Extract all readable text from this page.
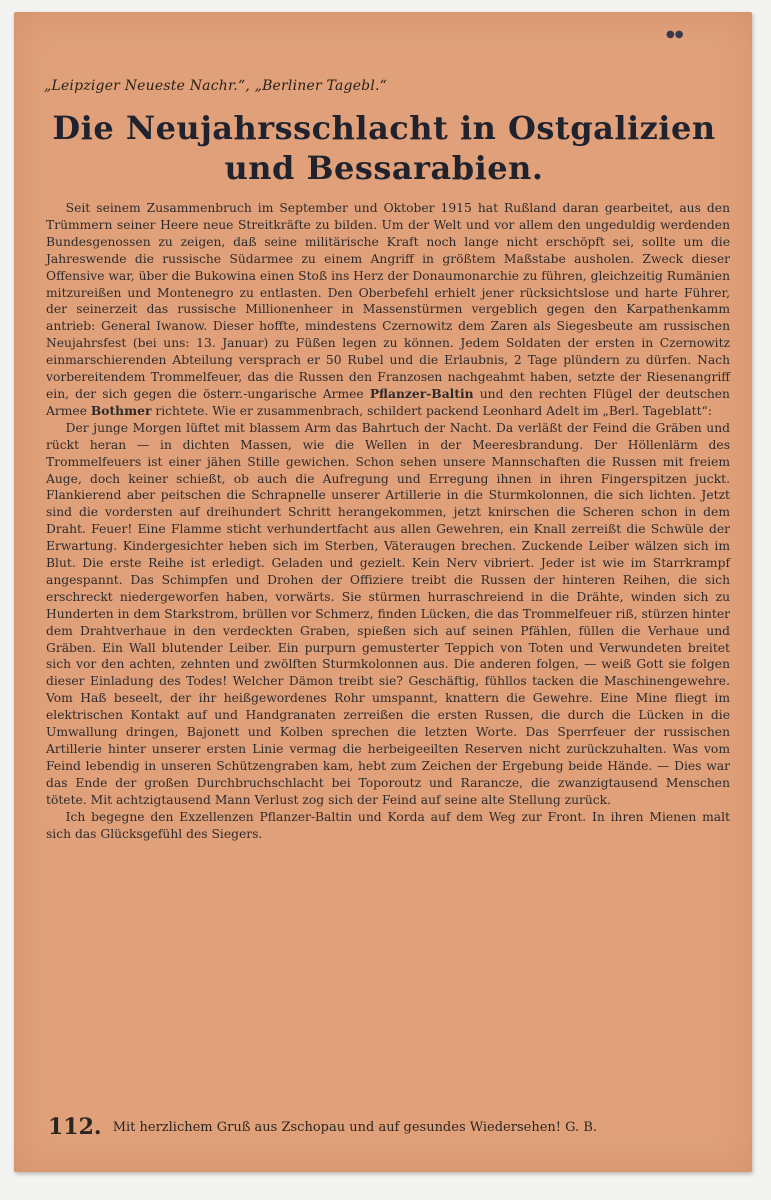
●●
„Leipziger Neueste Nachr.“, „Berliner Tagebl.“
Die Neujahrsschlacht in Ostgalizien
und Bessarabien.

Seit seinem Zusammenbruch im September und Oktober 1915 hat Rußland daran gearbeitet, aus den Trümmern seiner Heere neue Streitkräfte zu bilden. Um der Welt und vor allem den ungeduldig werdenden Bundesgenossen zu zeigen, daß seine militärische Kraft noch lange nicht erschöpft sei, sollte um die Jahreswende die russische Südarmee zu einem Angriff in größtem Maßstabe ausholen. Zweck dieser Offensive war, über die Bukowina einen Stoß ins Herz der Donaumonarchie zu führen, gleichzeitig Rumänien mitzureißen und Montenegro zu entlasten. Den Oberbefehl erhielt jener rücksichtslose und harte Führer, der seinerzeit das russische Millionenheer in Massenstürmen vergeblich gegen den Karpathenkamm antrieb: General Iwanow. Dieser hoffte, mindestens Czernowitz dem Zaren als Siegesbeute am russischen Neujahrsfest (bei uns: 13. Januar) zu Füßen legen zu können. Jedem Soldaten der ersten in Czernowitz einmarschierenden Abteilung versprach er 50 Rubel und die Erlaubnis, 2 Tage plündern zu dürfen. Nach vorbereitendem Trommelfeuer, das die Russen den Franzosen nachgeahmt haben, setzte der Riesenangriff ein, der sich gegen die österr.-ungarische Armee Pflanzer-Baltin und den rechten Flügel der deutschen Armee Bothmer richtete. Wie er zusammenbrach, schildert packend Leonhard Adelt im „Berl. Tageblatt“:

Der junge Morgen lüftet mit blassem Arm das Bahrtuch der Nacht. Da verläßt der Feind die Gräben und rückt heran — in dichten Massen, wie die Wellen in der Meeresbrandung. Der Höllenlärm des Trommelfeuers ist einer jähen Stille gewichen. Schon sehen unsere Mannschaften die Russen mit freiem Auge, doch keiner schießt, ob auch die Aufregung und Erregung ihnen in ihren Fingerspitzen juckt. Flankierend aber peitschen die Schrapnelle unserer Artillerie in die Sturmkolonnen, die sich lichten. Jetzt sind die vordersten auf dreihundert Schritt herangekommen, jetzt knirschen die Scheren schon in dem Draht. Feuer! Eine Flamme sticht verhundertfacht aus allen Gewehren, ein Knall zerreißt die Schwüle der Erwartung. Kindergesichter heben sich im Sterben, Väteraugen brechen. Zuckende Leiber wälzen sich im Blut. Die erste Reihe ist erledigt. Geladen und gezielt. Kein Nerv vibriert. Jeder ist wie im Starrkrampf angespannt. Das Schimpfen und Drohen der Offiziere treibt die Russen der hinteren Reihen, die sich erschreckt niedergeworfen haben, vorwärts. Sie stürmen hurraschreiend in die Drähte, winden sich zu Hunderten in dem Starkstrom, brüllen vor Schmerz, finden Lücken, die das Trommelfeuer riß, stürzen hinter dem Drahtverhaue in den verdeckten Graben, spießen sich auf seinen Pfählen, füllen die Verhaue und Gräben. Ein Wall blutender Leiber. Ein purpurn gemusterter Teppich von Toten und Verwundeten breitet sich vor den achten, zehnten und zwölften Sturmkolonnen aus. Die anderen folgen, — weiß Gott sie folgen dieser Einladung des Todes! Welcher Dämon treibt sie? Geschäftig, fühllos tacken die Maschinengewehre. Vom Haß beseelt, der ihr heißgewordenes Rohr umspannt, knattern die Gewehre. Eine Mine fliegt im elektrischen Kontakt auf und Handgranaten zerreißen die ersten Russen, die durch die Lücken in die Umwallung dringen, Bajonett und Kolben sprechen die letzten Worte. Das Sperrfeuer der russischen Artillerie hinter unserer ersten Linie vermag die herbeigeeilten Reserven nicht zurückzuhalten. Was vom Feind lebendig in unseren Schützengraben kam, hebt zum Zeichen der Ergebung beide Hände. — Dies war das Ende der großen Durchbruchschlacht bei Toporoutz und Rarancze, die zwanzigtausend Menschen tötete. Mit achtzigtausend Mann Verlust zog sich der Feind auf seine alte Stellung zurück.

Ich begegne den Exzellenzen Pflanzer-Baltin und Korda auf dem Weg zur Front. In ihren Mienen malt sich das Glücksgefühl des Siegers.

112. Mit herzlichem Gruß aus Zschopau und auf gesundes Wiedersehen! G. B.
